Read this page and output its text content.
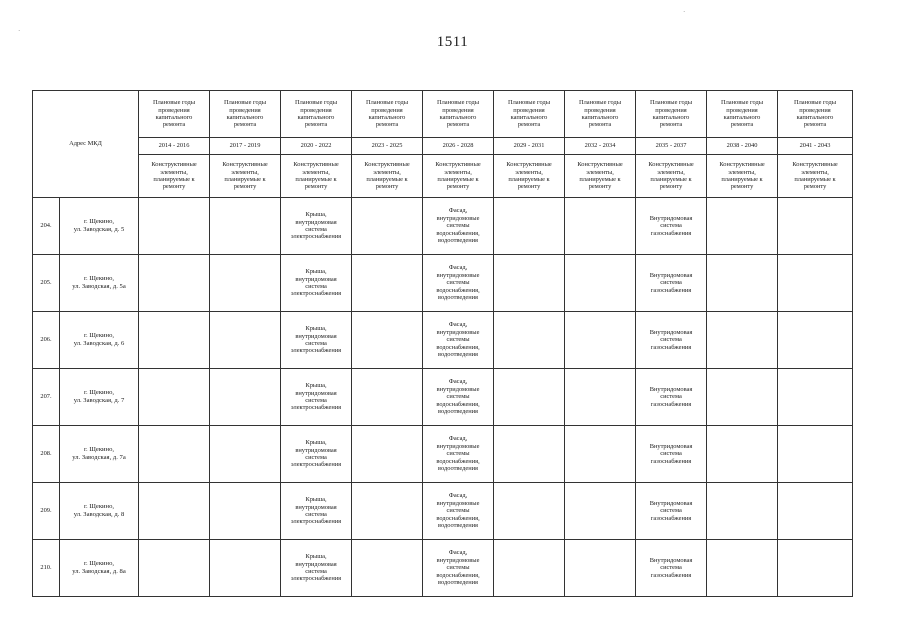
1511
·
·
Адрес МКД		Плановые годы
проведения
капитального
ремонта	Плановые годы
проведения
капитального
ремонта	Плановые годы
проведения
капитального
ремонта	Плановые годы
проведения
капитального
ремонта	Плановые годы
проведения
капитального
ремонта	Плановые годы
проведения
капитального
ремонта	Плановые годы
проведения
капитального
ремонта	Плановые годы
проведения
капитального
ремонта	Плановые годы
проведения
капитального
ремонта	Плановые годы
проведения
капитального
ремонта

		2014 - 2016	2017 - 2019	2020 - 2022	2023 - 2025	2026 - 2028	2029 - 2031	2032 - 2034	2035 - 2037	2038 - 2040	2041 - 2043

		Конструктивные
элементы,
планируемые к
ремонту	Конструктивные
элементы,
планируемые к
ремонту	Конструктивные
элементы,
планируемые к
ремонту	Конструктивные
элементы,
планируемые к
ремонту	Конструктивные
элементы,
планируемые к
ремонту	Конструктивные
элементы,
планируемые к
ремонту	Конструктивные
элементы,
планируемые к
ремонту	Конструктивные
элементы,
планируемые к
ремонту	Конструктивные
элементы,
планируемые к
ремонту	Конструктивные
элементы,
планируемые к
ремонту

204.	г. Щекино,
ул. Заводская, д. 5			Крыша,
внутридомовая
система
электроснабжения		Фасад,
внутридомовые
системы
водоснабжения,
водоотведения			Внутридомовая
система
газоснабжения		

205.	г. Щекино,
ул. Заводская, д. 5а			Крыша,
внутридомовая
система
электроснабжения		Фасад,
внутридомовые
системы
водоснабжения,
водоотведения			Внутридомовая
система
газоснабжения		

206.	г. Щекино,
ул. Заводская, д. 6			Крыша,
внутридомовая
система
электроснабжения		Фасад,
внутридомовые
системы
водоснабжения,
водоотведения			Внутридомовая
система
газоснабжения		

207.	г. Щекино,
ул. Заводская, д. 7			Крыша,
внутридомовая
система
электроснабжения		Фасад,
внутридомовые
системы
водоснабжения,
водоотведения			Внутридомовая
система
газоснабжения		

208.	г. Щекино,
ул. Заводская, д. 7а			Крыша,
внутридомовая
система
электроснабжения		Фасад,
внутридомовые
системы
водоснабжения,
водоотведения			Внутридомовая
система
газоснабжения		

209.	г. Щекино,
ул. Заводская, д. 8			Крыша,
внутридомовая
система
электроснабжения		Фасад,
внутридомовые
системы
водоснабжения,
водоотведения			Внутридомовая
система
газоснабжения		

210.	г. Щекино,
ул. Заводская, д. 8а			Крыша,
внутридомовая
система
электроснабжения		Фасад,
внутридомовые
системы
водоснабжения,
водоотведения			Внутридомовая
система
газоснабжения		
